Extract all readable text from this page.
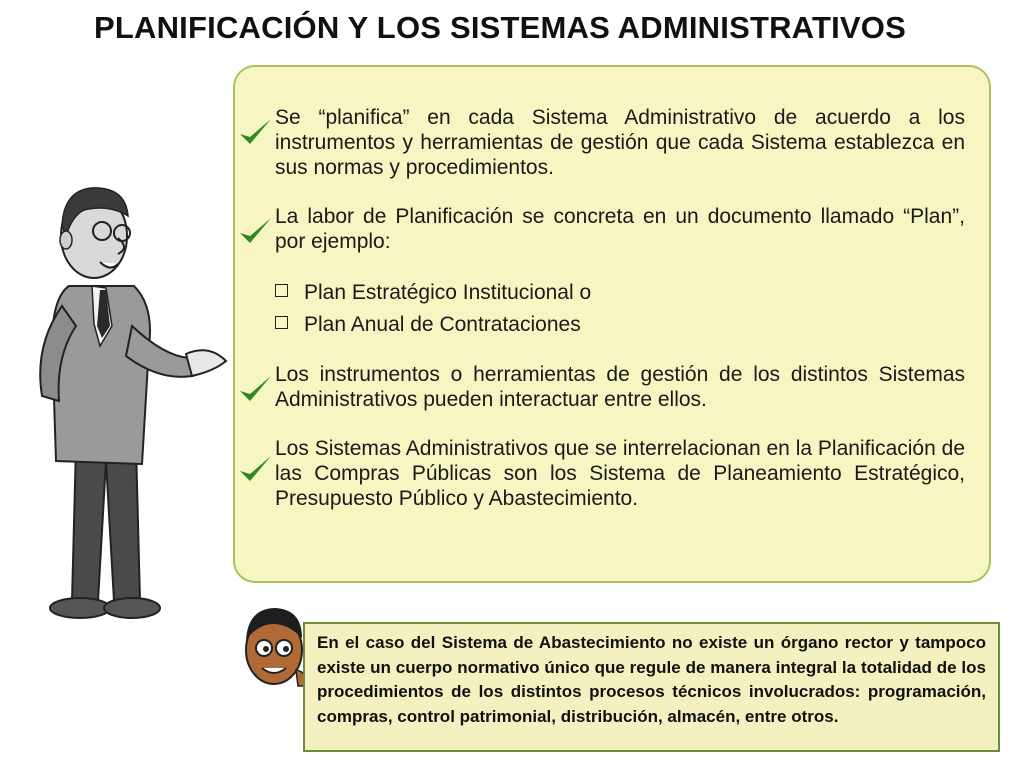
PLANIFICACIÓN Y LOS SISTEMAS ADMINISTRATIVOS

Se “planifica” en cada Sistema Administrativo de acuerdo a los instrumentos y herramientas de gestión que cada Sistema establezca en sus normas y procedimientos.

La labor de Planificación se concreta en un documento llamado “Plan”, por ejemplo:

Plan Estratégico Institucional o
Plan Anual de Contrataciones

Los instrumentos o herramientas de gestión de los distintos Sistemas Administrativos pueden interactuar entre ellos.

Los Sistemas Administrativos que se interrelacionan en la Planificación de las Compras Públicas son los Sistema de Planeamiento Estratégico, Presupuesto Público y Abastecimiento.

En el caso del Sistema de Abastecimiento no existe un órgano rector y tampoco existe un cuerpo normativo único que regule de manera integral la totalidad de los procedimientos de los distintos procesos técnicos involucrados: programación, compras, control patrimonial, distribución, almacén, entre otros.
